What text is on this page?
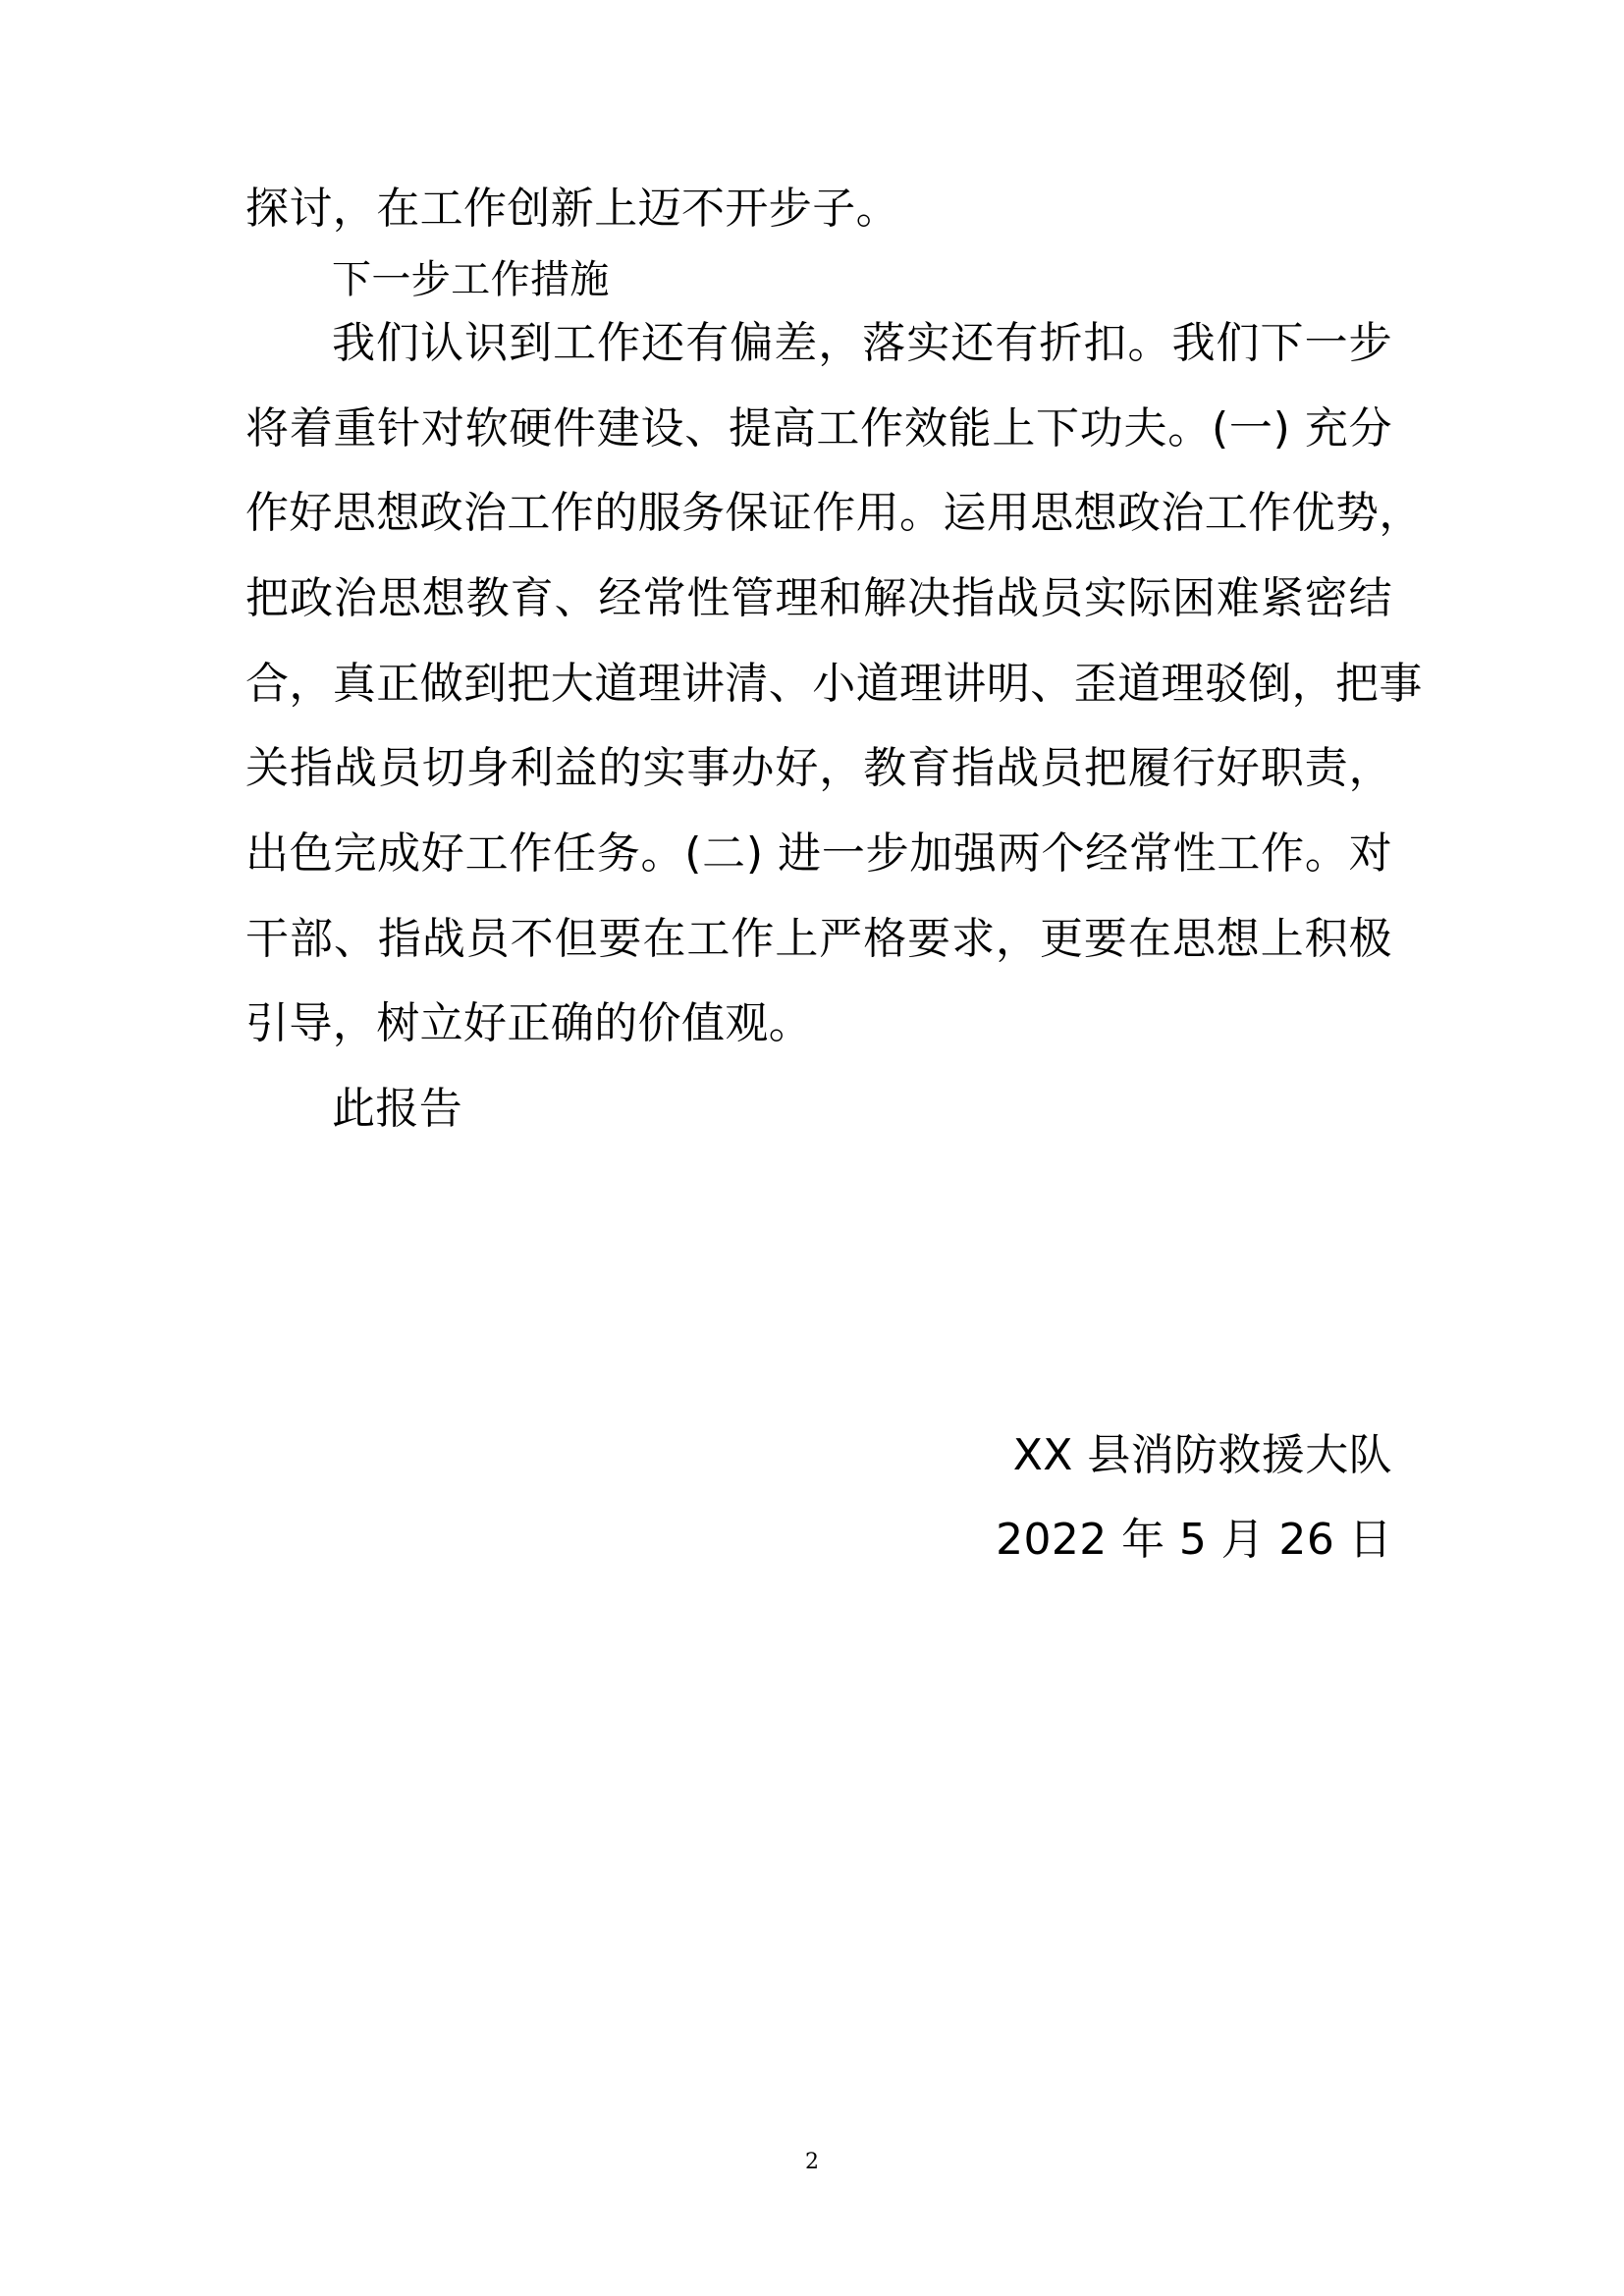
探讨，在工作创新上迈不开步子。
下一步工作措施
我们认识到工作还有偏差，落实还有折扣。我们下一步
将着重针对软硬件建设、提高工作效能上下功夫。(一) 充分
作好思想政治工作的服务保证作用。运用思想政治工作优势，
把政治思想教育、经常性管理和解决指战员实际困难紧密结
合，真正做到把大道理讲清、小道理讲明、歪道理驳倒，把事
关指战员切身利益的实事办好，教育指战员把履行好职责，
出色完成好工作任务。(二) 进一步加强两个经常性工作。对
干部、指战员不但要在工作上严格要求，更要在思想上积极
引导，树立好正确的价值观。
此报告
XX 县消防救援大队
2022 年 5 月 26 日
2
